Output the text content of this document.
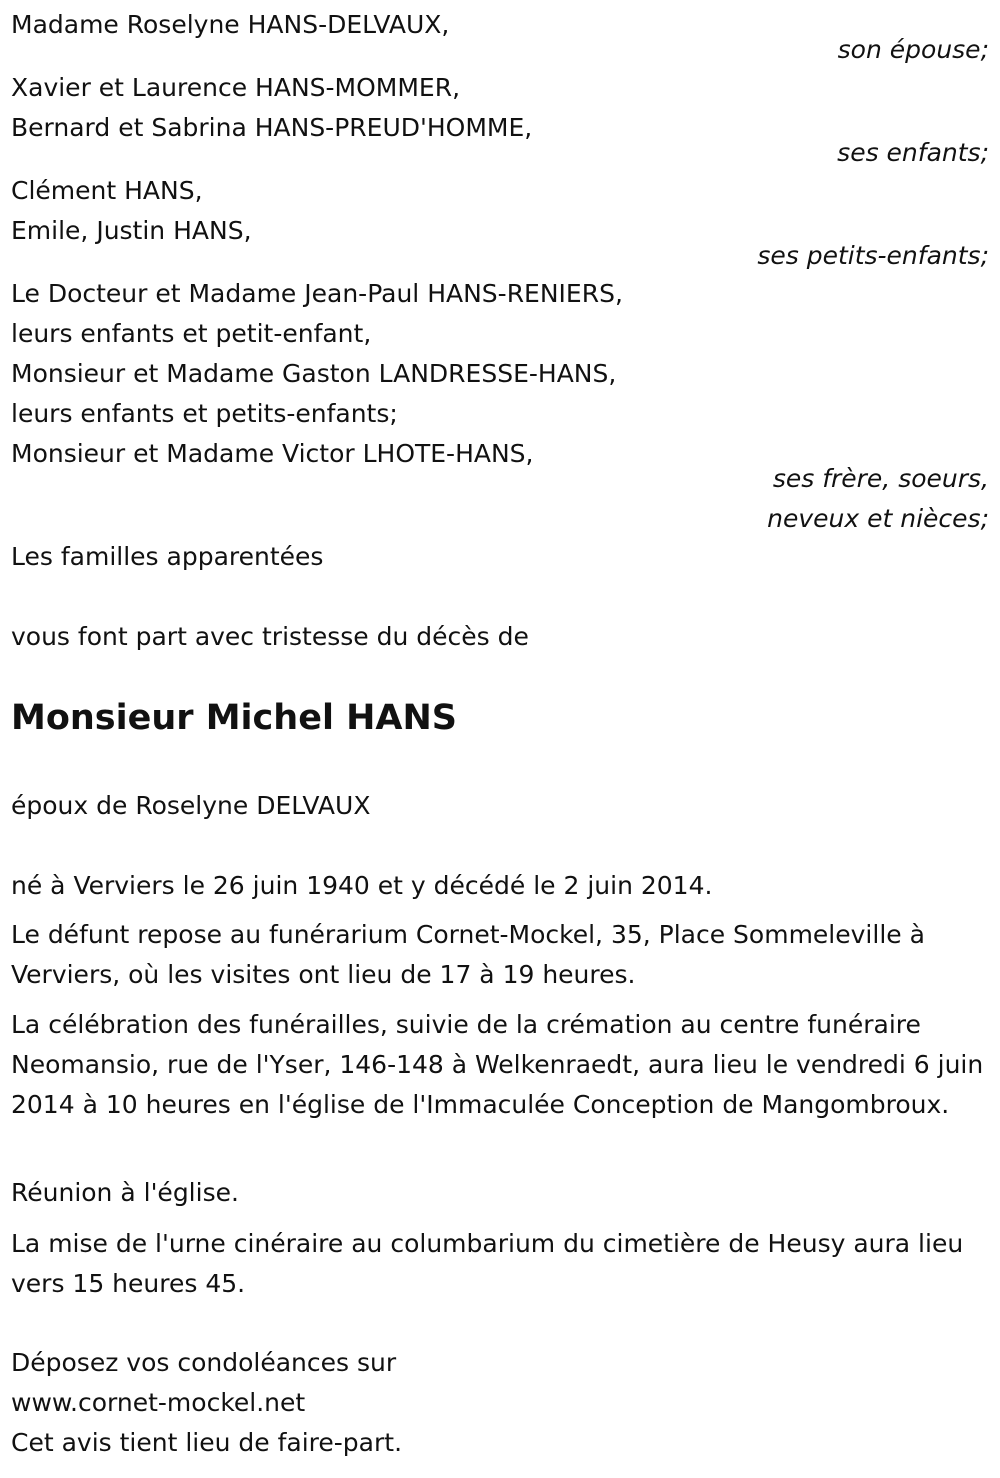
Madame Roselyne HANS-DELVAUX,
son épouse;
Xavier et Laurence HANS-MOMMER,
Bernard et Sabrina HANS-PREUD'HOMME,
ses enfants;
Clément HANS,
Emile, Justin HANS,
ses petits-enfants;
Le Docteur et Madame Jean-Paul HANS-RENIERS,
leurs enfants et petit-enfant,
Monsieur et Madame Gaston LANDRESSE-HANS,
leurs enfants et petits-enfants;
Monsieur et Madame Victor LHOTE-HANS,
ses frère, soeurs,
neveux et nièces;
Les familles apparentées
vous font part avec tristesse du décès de
Monsieur Michel HANS
époux de Roselyne DELVAUX
né à Verviers le 26 juin 1940 et y décédé le 2 juin 2014.
Le défunt repose au funérarium Cornet-Mockel, 35, Place Sommeleville à Verviers, où les visites ont lieu de 17 à 19 heures.
La célébration des funérailles, suivie de la crémation au centre funéraire Neomansio, rue de l'Yser, 146-148 à Welkenraedt, aura lieu le vendredi 6 juin 2014 à 10 heures en l'église de l'Immaculée Conception de Mangombroux.
Réunion à l'église.
La mise de l'urne cinéraire au columbarium du cimetière de Heusy aura lieu vers 15 heures 45.
Déposez vos condoléances sur
www.cornet-mockel.net
Cet avis tient lieu de faire-part.
